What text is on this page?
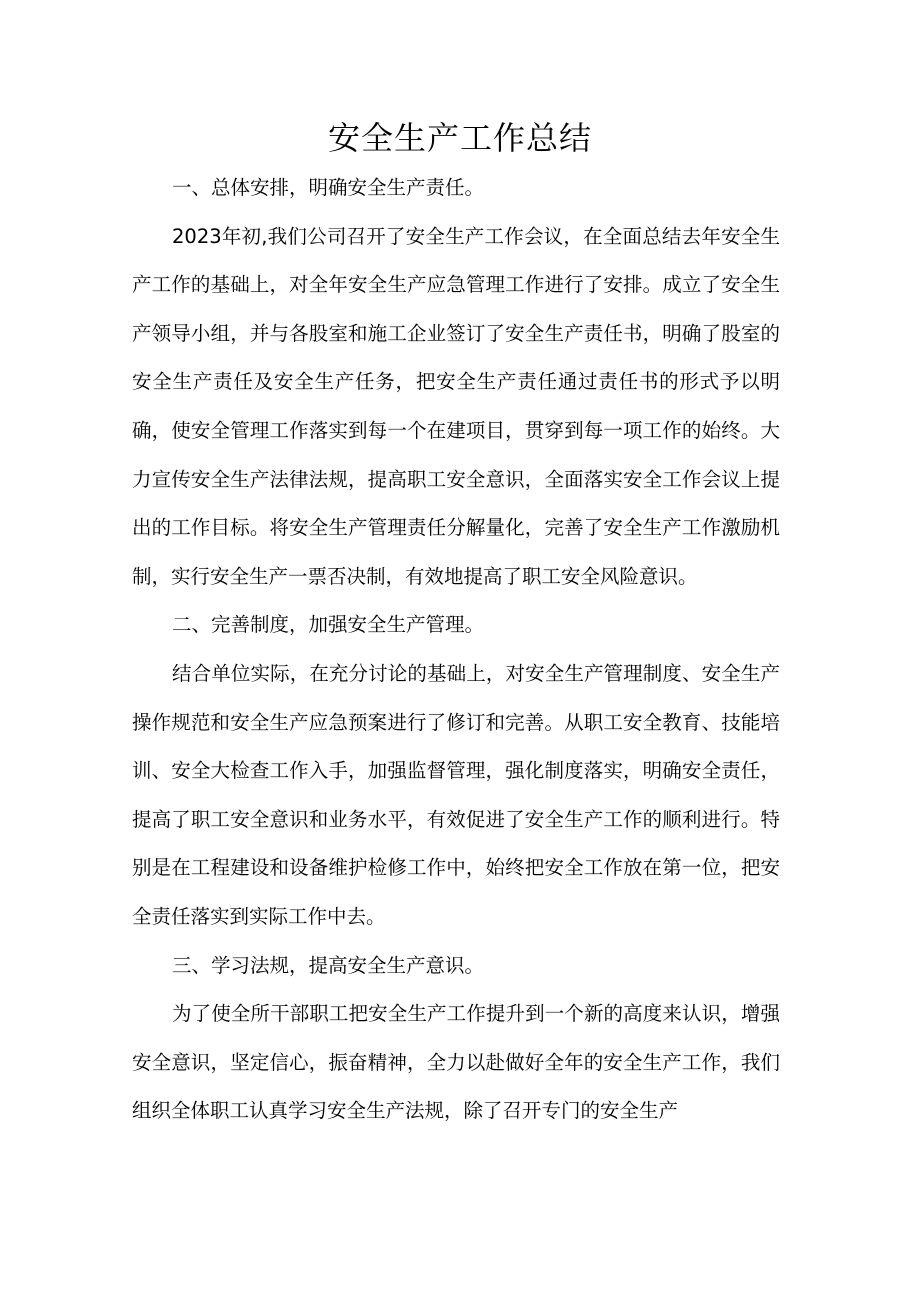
安全生产工作总结

一、总体安排，明确安全生产责任。

2023年初,我们公司召开了安全生产工作会议，在全面总结去年安全生产工作的基础上，对全年安全生产应急管理工作进行了安排。成立了安全生产领导小组，并与各股室和施工企业签订了安全生产责任书，明确了股室的安全生产责任及安全生产任务，把安全生产责任通过责任书的形式予以明确，使安全管理工作落实到每一个在建项目，贯穿到每一项工作的始终。大力宣传安全生产法律法规，提高职工安全意识，全面落实安全工作会议上提出的工作目标。将安全生产管理责任分解量化，完善了安全生产工作激励机制，实行安全生产一票否决制，有效地提高了职工安全风险意识。

二、完善制度，加强安全生产管理。

结合单位实际，在充分讨论的基础上，对安全生产管理制度、安全生产操作规范和安全生产应急预案进行了修订和完善。从职工安全教育、技能培训、安全大检查工作入手，加强监督管理，强化制度落实，明确安全责任，提高了职工安全意识和业务水平，有效促进了安全生产工作的顺利进行。特别是在工程建设和设备维护检修工作中，始终把安全工作放在第一位，把安全责任落实到实际工作中去。

三、学习法规，提高安全生产意识。

为了使全所干部职工把安全生产工作提升到一个新的高度来认识，增强安全意识，坚定信心，振奋精神，全力以赴做好全年的安全生产工作，我们组织全体职工认真学习安全生产法规，除了召开专门的安全生产
